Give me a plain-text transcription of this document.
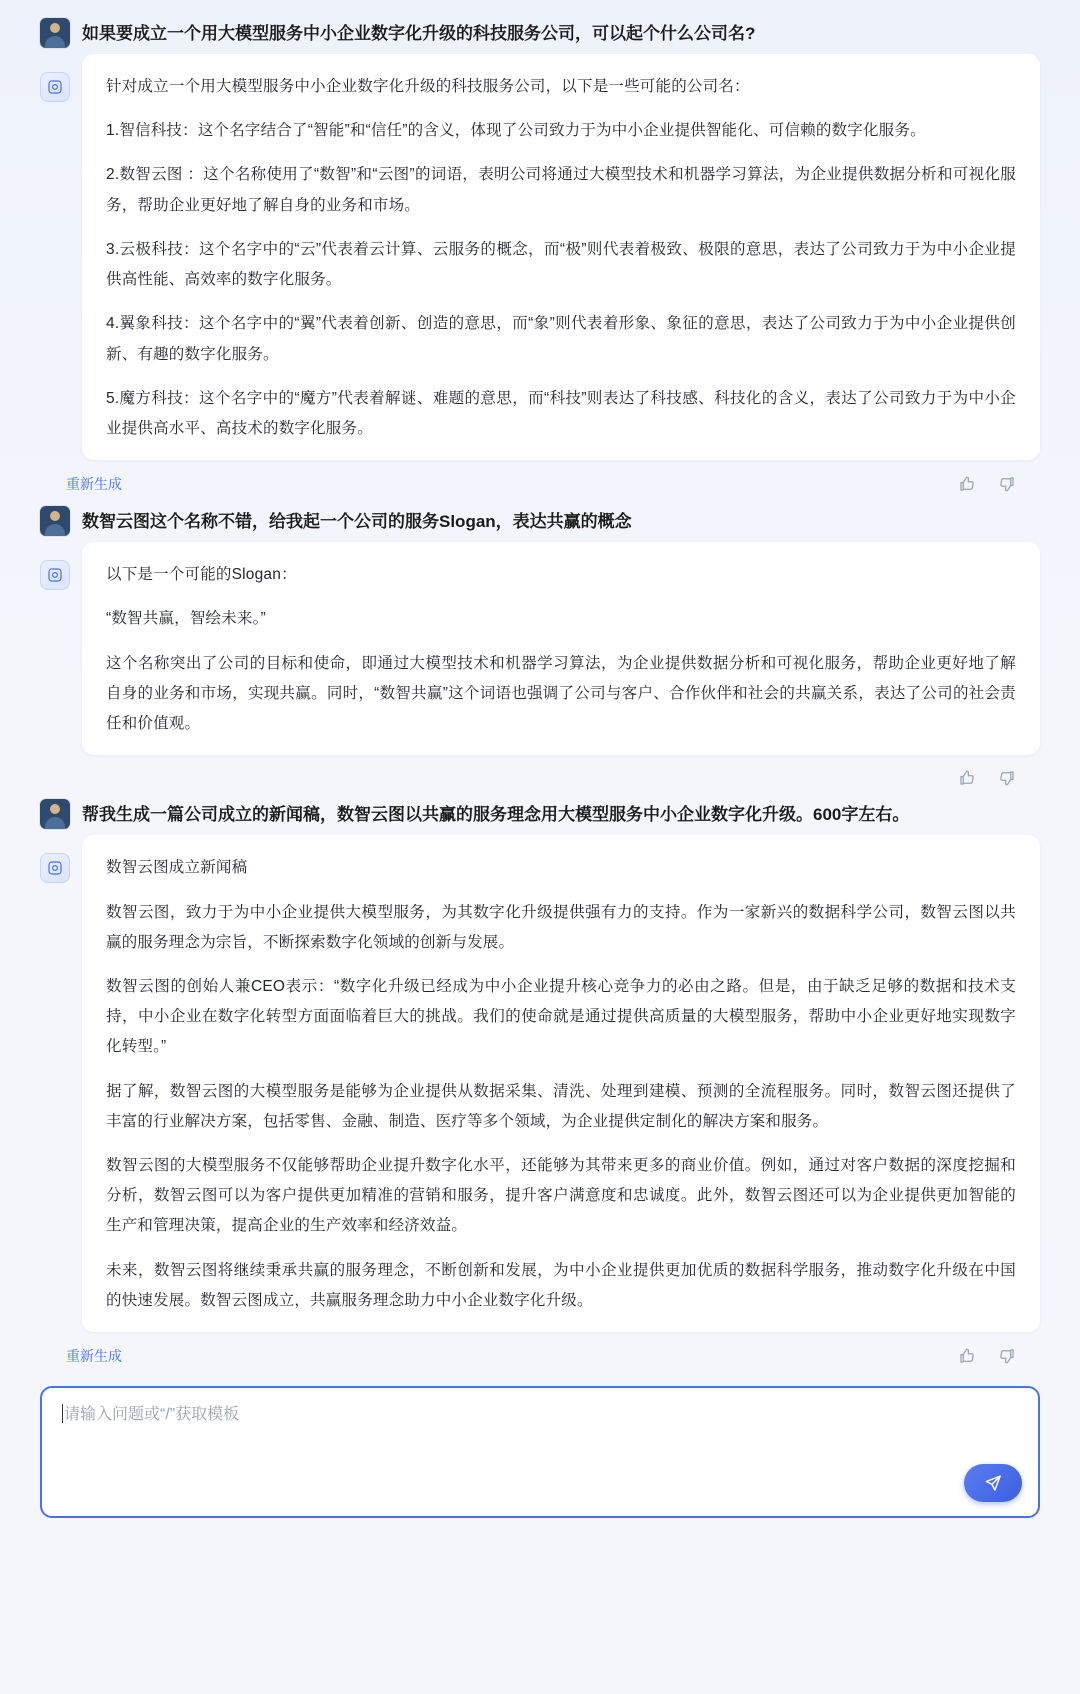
如果要成立一个用大模型服务中小企业数字化升级的科技服务公司，可以起个什么公司名?

针对成立一个用大模型服务中小企业数字化升级的科技服务公司，以下是一些可能的公司名：

1.智信科技：这个名字结合了“智能”和“信任”的含义，体现了公司致力于为中小企业提供智能化、可信赖的数字化服务。

2.数智云图 ：这个名称使用了“数智”和“云图”的词语，表明公司将通过大模型技术和机器学习算法，为企业提供数据分析和可视化服务，帮助企业更好地了解自身的业务和市场。

3.云极科技：这个名字中的“云”代表着云计算、云服务的概念，而“极”则代表着极致、极限的意思，表达了公司致力于为中小企业提供高性能、高效率的数字化服务。

4.翼象科技：这个名字中的“翼”代表着创新、创造的意思，而“象”则代表着形象、象征的意思，表达了公司致力于为中小企业提供创新、有趣的数字化服务。

5.魔方科技：这个名字中的“魔方”代表着解谜、难题的意思，而“科技”则表达了科技感、科技化的含义，表达了公司致力于为中小企业提供高水平、高技术的数字化服务。

重新生成
数智云图这个名称不错，给我起一个公司的服务Slogan，表达共赢的概念

以下是一个可能的Slogan：

“数智共赢，智绘未来。”

这个名称突出了公司的目标和使命，即通过大模型技术和机器学习算法，为企业提供数据分析和可视化服务，帮助企业更好地了解自身的业务和市场，实现共赢。同时，“数智共赢”这个词语也强调了公司与客户、合作伙伴和社会的共赢关系，表达了公司的社会责任和价值观。

帮我生成一篇公司成立的新闻稿，数智云图以共赢的服务理念用大模型服务中小企业数字化升级。600字左右。

数智云图成立新闻稿

数智云图，致力于为中小企业提供大模型服务，为其数字化升级提供强有力的支持。作为一家新兴的数据科学公司，数智云图以共赢的服务理念为宗旨，不断探索数字化领域的创新与发展。

数智云图的创始人兼CEO表示：“数字化升级已经成为中小企业提升核心竞争力的必由之路。但是，由于缺乏足够的数据和技术支持，中小企业在数字化转型方面面临着巨大的挑战。我们的使命就是通过提供高质量的大模型服务，帮助中小企业更好地实现数字化转型。”

据了解，数智云图的大模型服务是能够为企业提供从数据采集、清洗、处理到建模、预测的全流程服务。同时，数智云图还提供了丰富的行业解决方案，包括零售、金融、制造、医疗等多个领域，为企业提供定制化的解决方案和服务。

数智云图的大模型服务不仅能够帮助企业提升数字化水平，还能够为其带来更多的商业价值。例如，通过对客户数据的深度挖掘和分析，数智云图可以为客户提供更加精准的营销和服务，提升客户满意度和忠诚度。此外，数智云图还可以为企业提供更加智能的生产和管理决策，提高企业的生产效率和经济效益。

未来，数智云图将继续秉承共赢的服务理念，不断创新和发展，为中小企业提供更加优质的数据科学服务，推动数字化升级在中国的快速发展。数智云图成立，共赢服务理念助力中小企业数字化升级。

重新生成
请输入问题或“/”获取模板
